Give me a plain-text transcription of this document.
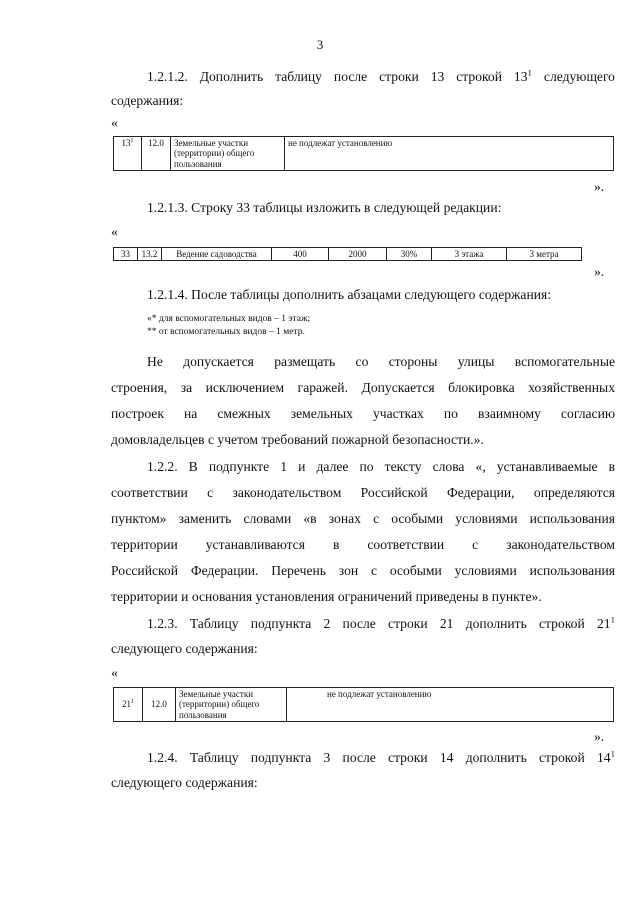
3
1.2.1.2. Дополнить таблицу после строки 13 строкой $13^1$ следующего
содержания:
«
$13^1$	12.0	Земельные участки (территории) общего пользования	не подлежат установлению
».
1.2.1.3. Строку 33 таблицы изложить в следующей редакции:
«
33	13.2	Ведение садоводства	400	2000	30%	3 этажа	3 метра
».
1.2.1.4. После таблицы дополнить абзацами следующего содержания:
«* для вспомогательных видов – 1 этаж;
** от вспомогательных видов – 1 метр.
Не допускается размещать со стороны улицы вспомогательные
строения, за исключением гаражей. Допускается блокировка хозяйственных
построек на смежных земельных участках по взаимному согласию
домовладельцев с учетом требований пожарной безопасности.».
1.2.2. В подпункте 1 и далее по тексту слова «, устанавливаемые в
соответствии с законодательством Российской Федерации, определяются
пунктом» заменить словами «в зонах с особыми условиями использования
территории устанавливаются в соответствии с законодательством
Российской Федерации. Перечень зон с особыми условиями использования
территории и основания установления ограничений приведены в пункте».
1.2.3. Таблицу подпункта 2 после строки 21 дополнить строкой $21^1$
следующего содержания:
«
$21^1$	12.0	Земельные участки (территории) общего пользования	не подлежат установлению
».
1.2.4. Таблицу подпункта 3 после строки 14 дополнить строкой $14^1$
следующего содержания:
